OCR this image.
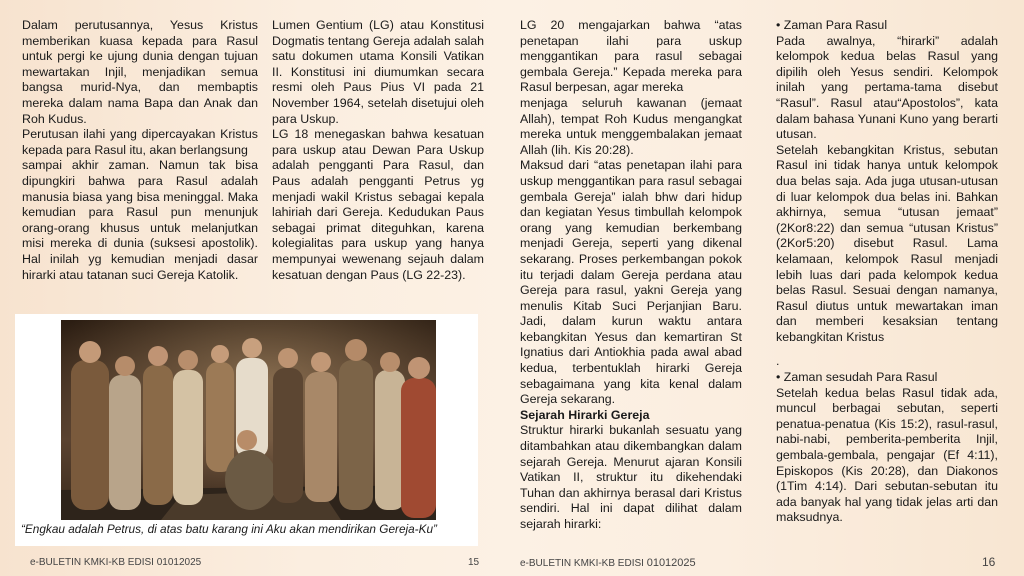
Dalam perutusannya, Yesus Kristus memberikan kuasa kepada para Rasul untuk pergi ke ujung dunia dengan tujuan mewartakan Injil, menjadikan semua bangsa murid-Nya, dan membaptis mereka dalam nama Bapa dan Anak dan Roh Kudus.

Perutusan ilahi yang dipercayakan Kristus kepada para Rasul itu, akan berlangsung

sampai akhir zaman. Namun tak bisa dipungkiri bahwa para Rasul adalah manusia biasa yang bisa meninggal. Maka kemudian para Rasul pun menunjuk orang-orang khusus untuk melanjutkan misi mereka di dunia (suksesi apostolik). Hal inilah yg kemudian menjadi dasar hirarki atau tatanan suci Gereja Katolik.

Lumen Gentium (LG) atau Konstitusi Dogmatis tentang Gereja adalah salah satu dokumen utama Konsili Vatikan II. Konstitusi ini diumumkan secara resmi oleh Paus Pius VI pada 21 November 1964, setelah disetujui oleh para Uskup.

LG 18 menegaskan bahwa kesatuan para uskup atau Dewan Para Uskup adalah pengganti Para Rasul, dan Paus adalah pengganti Petrus yg menjadi wakil Kristus sebagai kepala lahiriah dari Gereja. Kedudukan Paus sebagai primat diteguhkan, karena kolegialitas para uskup yang hanya mempunyai wewenang sejauh dalam kesatuan dengan Paus (LG 22-23).

“Engkau adalah Petrus, di atas batu karang ini Aku akan mendirikan Gereja-Ku”

LG 20 mengajarkan bahwa “atas penetapan ilahi para uskup menggantikan para rasul sebagai gembala Gereja.” Kepada mereka para Rasul berpesan, agar mereka

menjaga seluruh kawanan (jemaat Allah), tempat Roh Kudus mengangkat mereka untuk menggembalakan jemaat Allah (lih. Kis 20:28).

Maksud dari “atas penetapan ilahi para uskup menggantikan para rasul sebagai gembala Gereja” ialah bhw dari hidup dan kegiatan Yesus timbullah kelompok orang yang kemudian berkembang menjadi Gereja, seperti yang dikenal sekarang. Proses perkembangan pokok itu terjadi dalam Gereja perdana atau Gereja para rasul, yakni Gereja yang menulis Kitab Suci Perjanjian Baru. Jadi, dalam kurun waktu antara kebangkitan Yesus dan kemartiran St Ignatius dari Antiokhia pada awal abad kedua, terbentuklah hirarki Gereja sebagaimana yang kita kenal dalam Gereja sekarang.

Sejarah Hirarki Gereja

Struktur hirarki bukanlah sesuatu yang ditambahkan atau dikembangkan dalam sejarah Gereja. Menurut ajaran Konsili Vatikan II, struktur itu dikehendaki Tuhan dan akhirnya berasal dari Kristus sendiri. Hal ini dapat dilihat dalam sejarah hirarki:

• Zaman Para Rasul

Pada awalnya, “hirarki” adalah kelompok kedua belas Rasul yang dipilih oleh Yesus sendiri. Kelompok inilah yang pertama-tama disebut “Rasul”. Rasul atau“Apostolos”, kata dalam bahasa Yunani Kuno yang berarti utusan.

Setelah kebangkitan Kristus, sebutan Rasul ini tidak hanya untuk kelompok dua belas saja. Ada juga utusan-utusan di luar kelompok dua belas ini. Bahkan akhirnya, semua “utusan jemaat” (2Kor8:22) dan semua “utusan Kristus” (2Kor5:20) disebut Rasul. Lama kelamaan, kelompok Rasul menjadi lebih luas dari pada kelompok kedua belas Rasul. Sesuai dengan namanya, Rasul diutus untuk mewartakan iman dan memberi kesaksian tentang kebangkitan Kristus

.

• Zaman sesudah Para Rasul

Setelah kedua belas Rasul tidak ada, muncul berbagai sebutan, seperti penatua-penatua (Kis 15:2), rasul-rasul, nabi-nabi, pemberita-pemberita Injil, gembala-gembala, pengajar (Ef 4:11), Episkopos (Kis 20:28), dan Diakonos (1Tim 4:14). Dari sebutan-sebutan itu ada banyak hal yang tidak jelas arti dan maksudnya.

e-BULETIN KMKI-KB EDISI 01012025	15	e-BULETIN KMKI-KB EDISI 01012025	16
